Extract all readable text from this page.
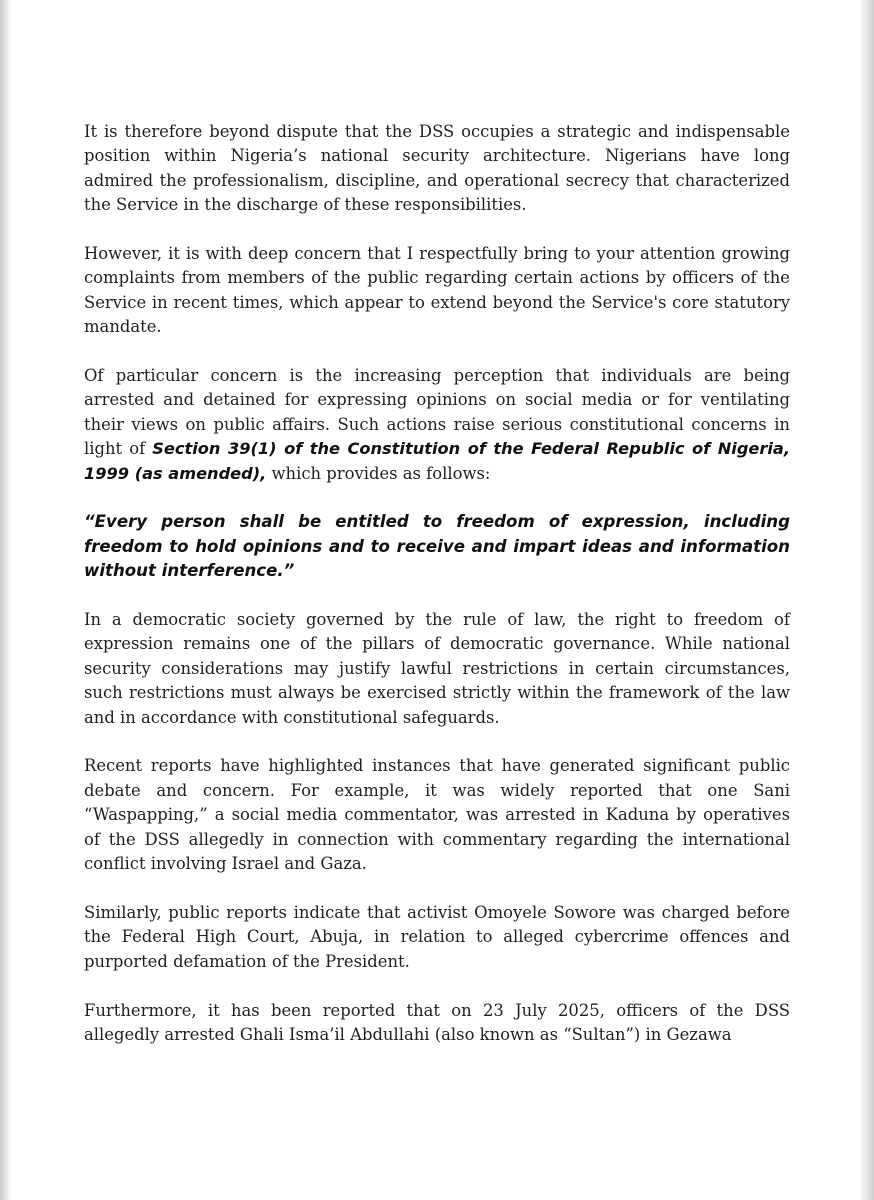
It is therefore beyond dispute that the DSS occupies a strategic and indispensable position within Nigeria’s national security architecture. Nigerians have long admired the professionalism, discipline, and operational secrecy that characterized the Service in the discharge of these responsibilities.

However, it is with deep concern that I respectfully bring to your attention growing complaints from members of the public regarding certain actions by officers of the Service in recent times, which appear to extend beyond the Service's core statutory mandate.

Of particular concern is the increasing perception that individuals are being arrested and detained for expressing opinions on social media or for ventilating their views on public affairs. Such actions raise serious constitutional concerns in light of Section 39(1) of the Constitution of the Federal Republic of Nigeria, 1999 (as amended), which provides as follows:

“Every person shall be entitled to freedom of expression, including freedom to hold opinions and to receive and impart ideas and information without interference.”

In a democratic society governed by the rule of law, the right to freedom of expression remains one of the pillars of democratic governance. While national security considerations may justify lawful restrictions in certain circumstances, such restrictions must always be exercised strictly within the framework of the law and in accordance with constitutional safeguards.

Recent reports have highlighted instances that have generated significant public debate and concern. For example, it was widely reported that one Sani “Waspapping,” a social media commentator, was arrested in Kaduna by operatives of the DSS allegedly in connection with commentary regarding the international conflict involving Israel and Gaza.

Similarly, public reports indicate that activist Omoyele Sowore was charged before the Federal High Court, Abuja, in relation to alleged cybercrime offences and purported defamation of the President.

Furthermore, it has been reported that on 23 July 2025, officers of the DSS allegedly arrested Ghali Isma’il Abdullahi (also known as “Sultan”) in Gezawa
